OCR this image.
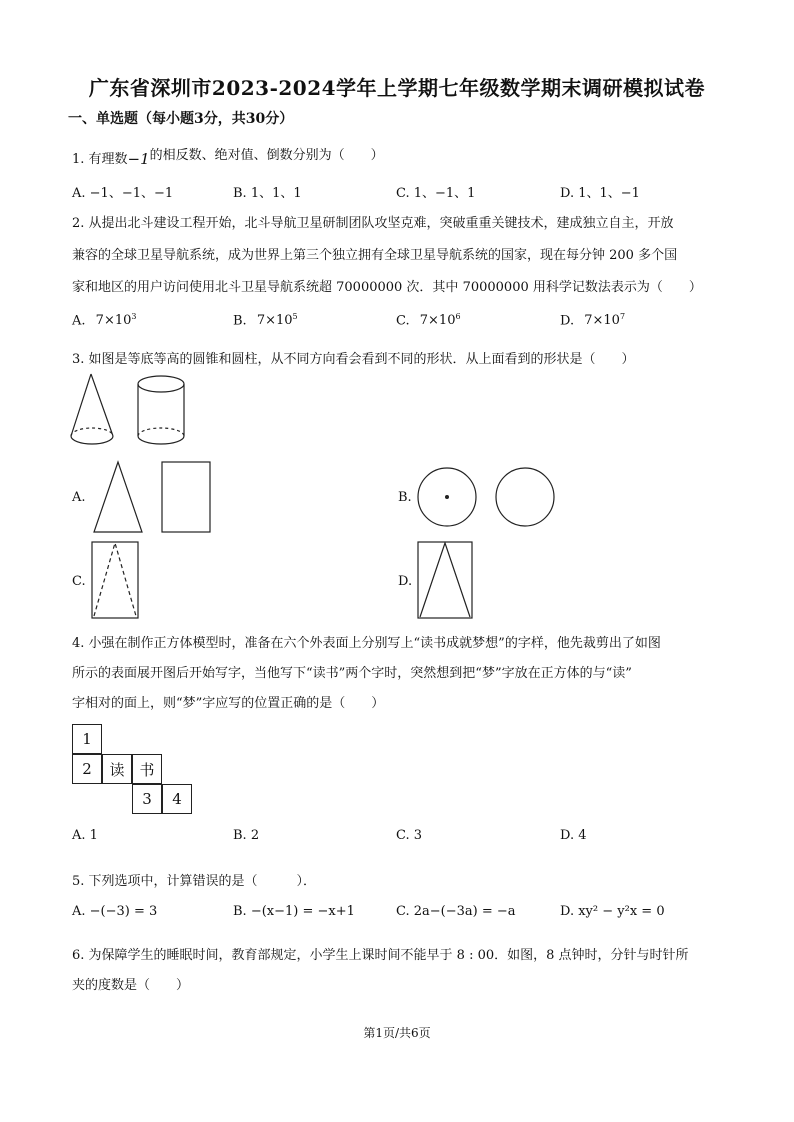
广东省深圳市2023-2024学年上学期七年级数学期末调研模拟试卷
一、单选题（每小题3分，共30分）
1. 有理数−1的相反数、绝对值、倒数分别为（　　）
A. −1、−1、−1	B. 1、1、1	C. 1、−1、1	D. 1、1、−1
2. 从提出北斗建设工程开始，北斗导航卫星研制团队攻坚克难，突破重重关键技术，建成独立自主，开放
兼容的全球卫星导航系统，成为世界上第三个独立拥有全球卫星导航系统的国家，现在每分钟 200 多个国
家和地区的用户访问使用北斗卫星导航系统超 70000000 次．其中 70000000 用科学记数法表示为（　　）
A. $7\times 10^3$	B. $7\times 10^5$	C. $7\times 10^6$	D. $7\times 10^7$
3. 如图是等底等高的圆锥和圆柱，从不同方向看会看到不同的形状．从上面看到的形状是（　　）
A.	B.
C.	D.
4. 小强在制作正方体模型时，准备在六个外表面上分别写上“读书成就梦想”的字样，他先裁剪出了如图
所示的表面展开图后开始写字，当他写下“读书”两个字时，突然想到把“梦”字放在正方体的与“读”
字相对的面上，则“梦”字应写的位置正确的是（　　）
1
2	读 书
3	4
A. 1	B. 2	C. 3	D. 4
5. 下列选项中，计算错误的是（　　　）．
A. −(−3) = 3	B. −(x−1) = −x+1	C. 2a−(−3a) = −a	D. xy² − y²x = 0
6. 为保障学生的睡眠时间，教育部规定，小学生上课时间不能早于 8 : 00．如图，8 点钟时，分针与时针所
夹的度数是（　　）
第1页/共6页
